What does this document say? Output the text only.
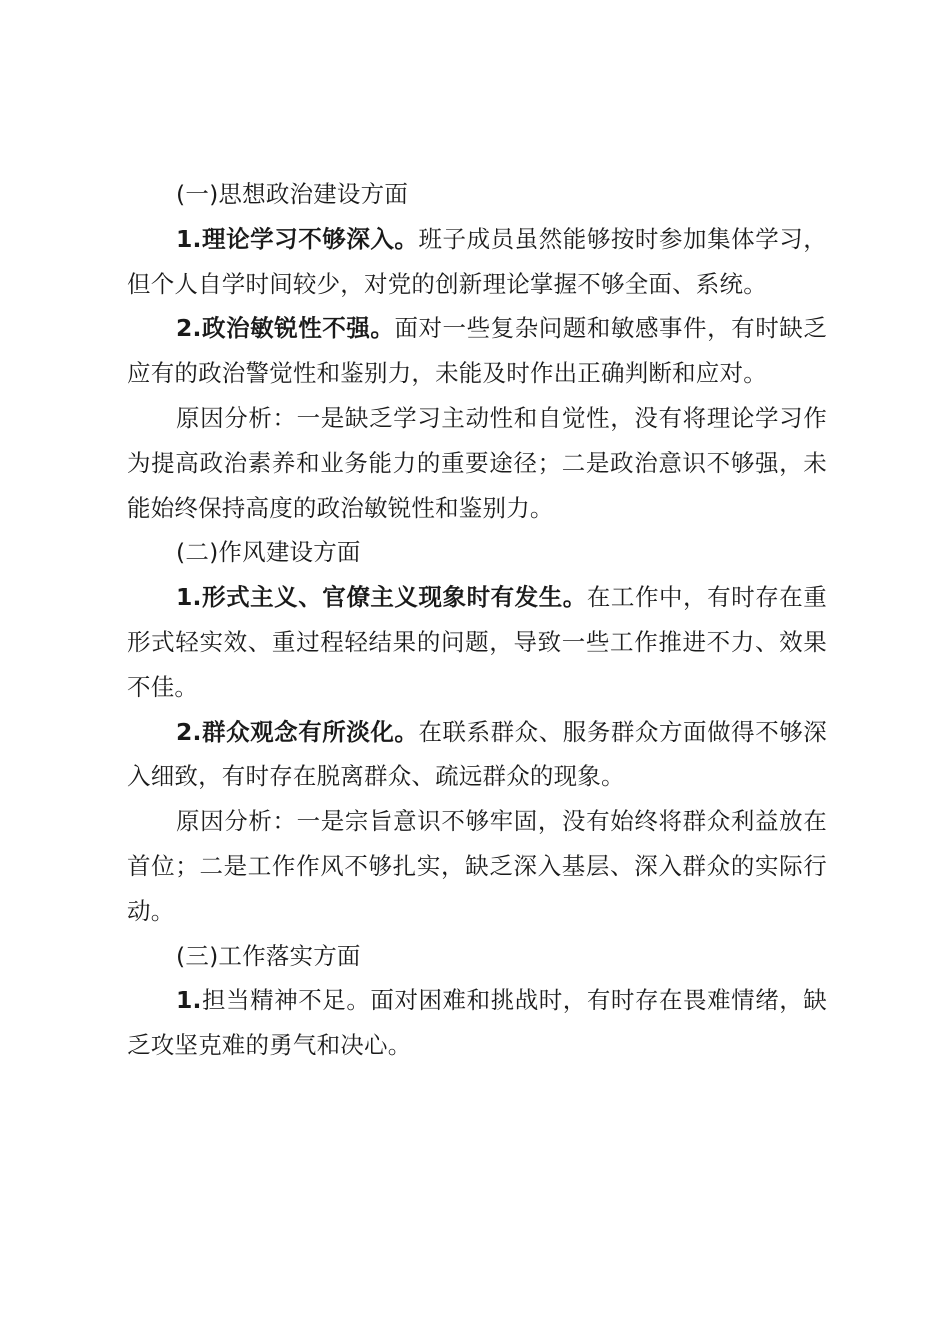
(一)思想政治建设方面

1.理论学习不够深入。班子成员虽然能够按时参加集体学习，但个人自学时间较少，对党的创新理论掌握不够全面、系统。

2.政治敏锐性不强。面对一些复杂问题和敏感事件，有时缺乏应有的政治警觉性和鉴别力，未能及时作出正确判断和应对。

原因分析：一是缺乏学习主动性和自觉性，没有将理论学习作为提高政治素养和业务能力的重要途径；二是政治意识不够强，未能始终保持高度的政治敏锐性和鉴别力。

(二)作风建设方面

1.形式主义、官僚主义现象时有发生。在工作中，有时存在重形式轻实效、重过程轻结果的问题，导致一些工作推进不力、效果不佳。

2.群众观念有所淡化。在联系群众、服务群众方面做得不够深入细致，有时存在脱离群众、疏远群众的现象。

原因分析：一是宗旨意识不够牢固，没有始终将群众利益放在首位；二是工作作风不够扎实，缺乏深入基层、深入群众的实际行动。

(三)工作落实方面

1.担当精神不足。面对困难和挑战时，有时存在畏难情绪，缺乏攻坚克难的勇气和决心。
